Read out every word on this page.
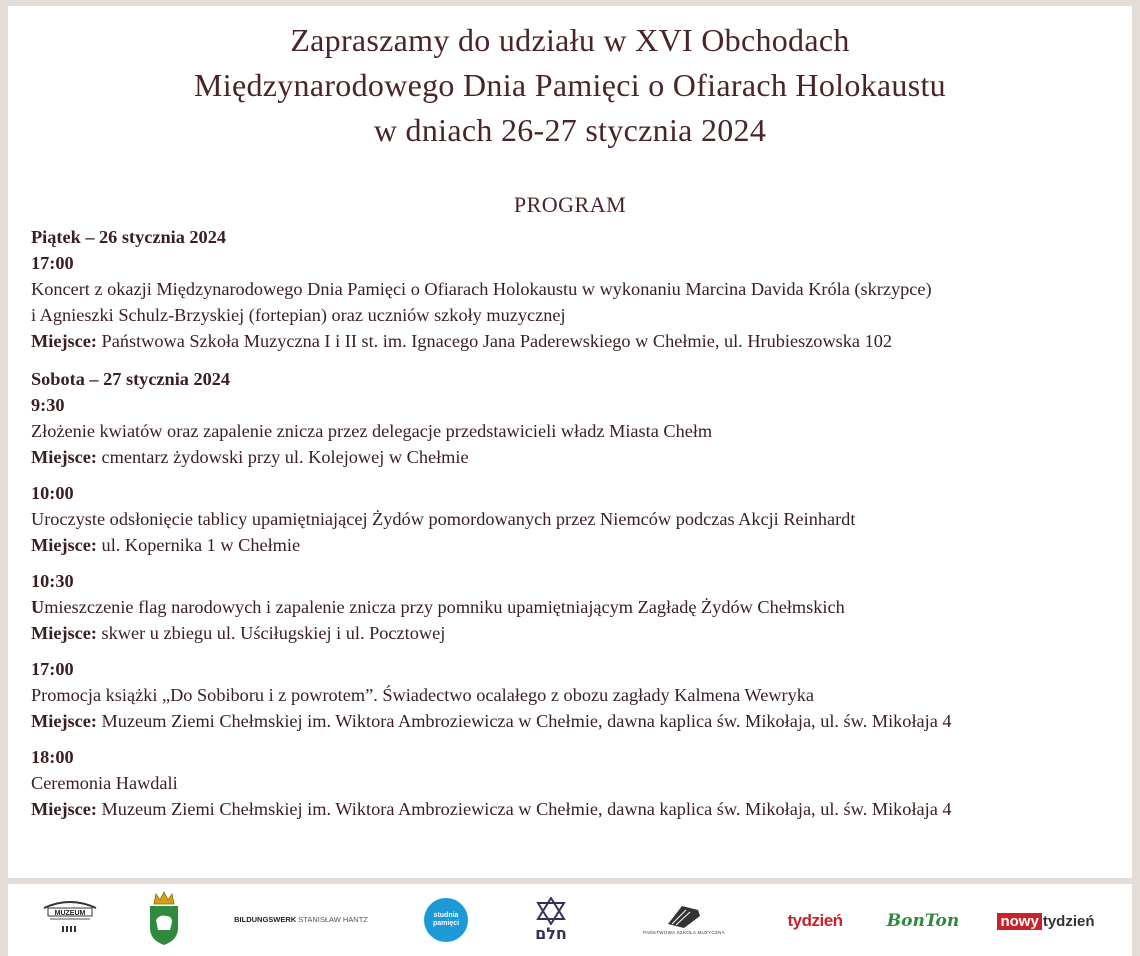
Zapraszamy do udziału w XVI Obchodach
Międzynarodowego Dnia Pamięci o Ofiarach Holokaustu
w dniach 26-27 stycznia 2024
PROGRAM
Piątek – 26 stycznia 2024
17:00
Koncert z okazji Międzynarodowego Dnia Pamięci o Ofiarach Holokaustu w wykonaniu Marcina Davida Króla (skrzypce)
i Agnieszki Schulz-Brzyskiej (fortepian) oraz uczniów szkoły muzycznej
Miejsce: Państwowa Szkoła Muzyczna I i II st. im. Ignacego Jana Paderewskiego w Chełmie, ul. Hrubieszowska 102
Sobota – 27 stycznia 2024
9:30
Złożenie kwiatów oraz zapalenie znicza przez delegacje przedstawicieli władz Miasta Chełm
Miejsce: cmentarz żydowski przy ul. Kolejowej w Chełmie
10:00
Uroczyste odsłonięcie tablicy upamiętniającej Żydów pomordowanych przez Niemców podczas Akcji Reinhardt
Miejsce: ul. Kopernika 1 w Chełmie
10:30
Umieszczenie flag narodowych i zapalenie znicza przy pomniku upamiętniającym Zagładę Żydów Chełmskich
Miejsce: skwer u zbiegu ul. Uściługskiej i ul. Pocztowej
17:00
Promocja książki „Do Sobiboru i z powrotem”. Świadectwo ocalałego z obozu zagłady Kalmena Wewryka
Miejsce: Muzeum Ziemi Chełmskiej im. Wiktora Ambroziewicza w Chełmie, dawna kaplica św. Mikołaja, ul. św. Mikołaja 4
18:00
Ceremonia Hawdali
Miejsce: Muzeum Ziemi Chełmskiej im. Wiktora Ambroziewicza w Chełmie, dawna kaplica św. Mikołaja, ul. św. Mikołaja 4
MUZEUM
BILDUNGSWERK
STANISŁAW HANTZ	studnia pamięci
חלם	PAŃSTWOWA SZKOŁA MUZYCZNA
tydzień	BonTon	nowy tydzień
